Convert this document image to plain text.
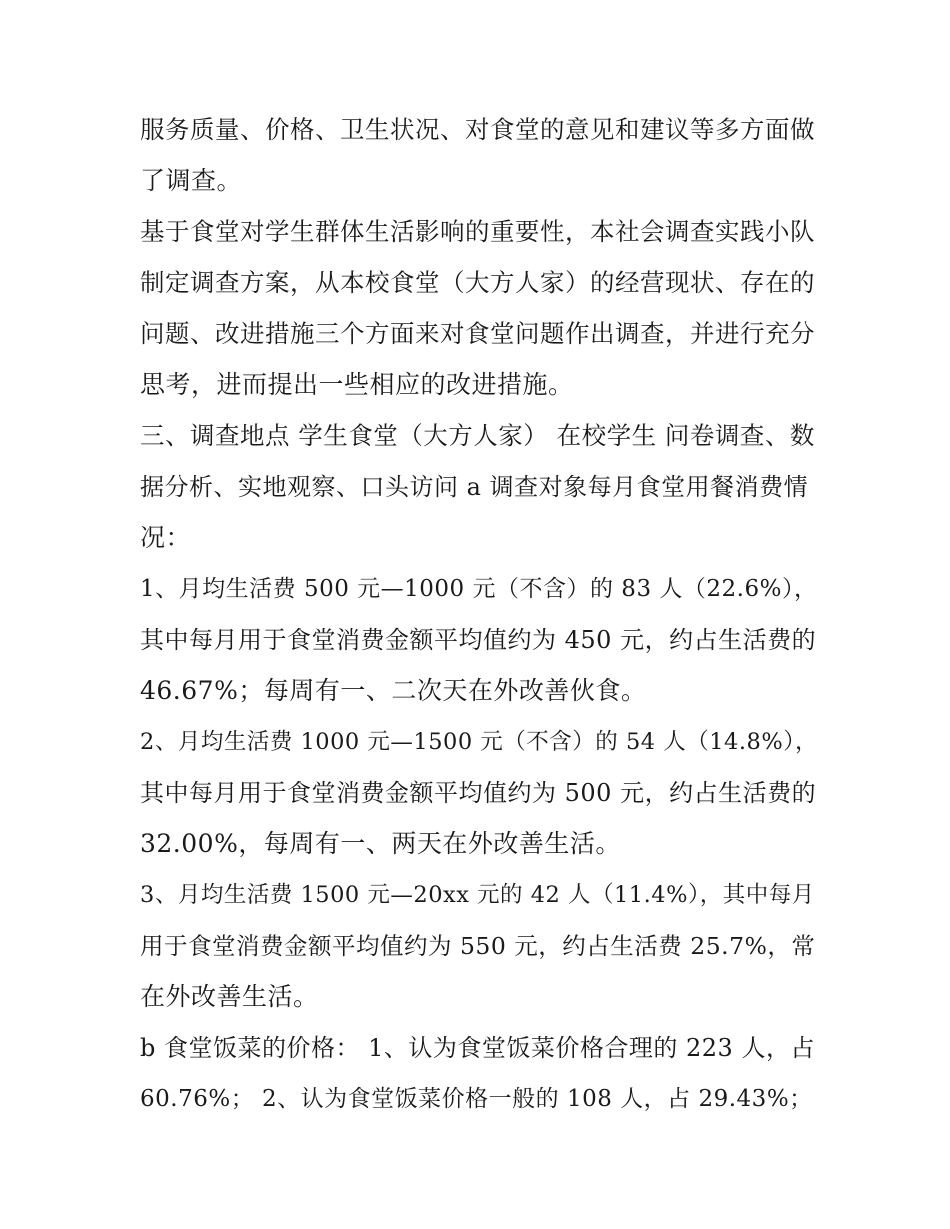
服务质量、价格、卫生状况、对食堂的意见和建议等多方面做
了调查。
基于食堂对学生群体生活影响的重要性，本社会调查实践小队
制定调查方案，从本校食堂（大方人家）的经营现状、存在的
问题、改进措施三个方面来对食堂问题作出调查，并进行充分
思考，进而提出一些相应的改进措施。
三、调查地点 学生食堂（大方人家） 在校学生 问卷调查、数
据分析、实地观察、口头访问 a 调查对象每月食堂用餐消费情
况：
1、月均生活费 500 元—1000 元（不含）的 83 人（22.6%），
其中每月用于食堂消费金额平均值约为 450 元，约占生活费的
46.67%；每周有一、二次天在外改善伙食。
2、月均生活费 1000 元—1500 元（不含）的 54 人（14.8%），
其中每月用于食堂消费金额平均值约为 500 元，约占生活费的
32.00%，每周有一、两天在外改善生活。
3、月均生活费 1500 元—20xx 元的 42 人（11.4%），其中每月
用于食堂消费金额平均值约为 550 元，约占生活费 25.7%，常
在外改善生活。
b 食堂饭菜的价格： 1、认为食堂饭菜价格合理的 223 人，占
60.76%； 2、认为食堂饭菜价格一般的 108 人，占 29.43%；
